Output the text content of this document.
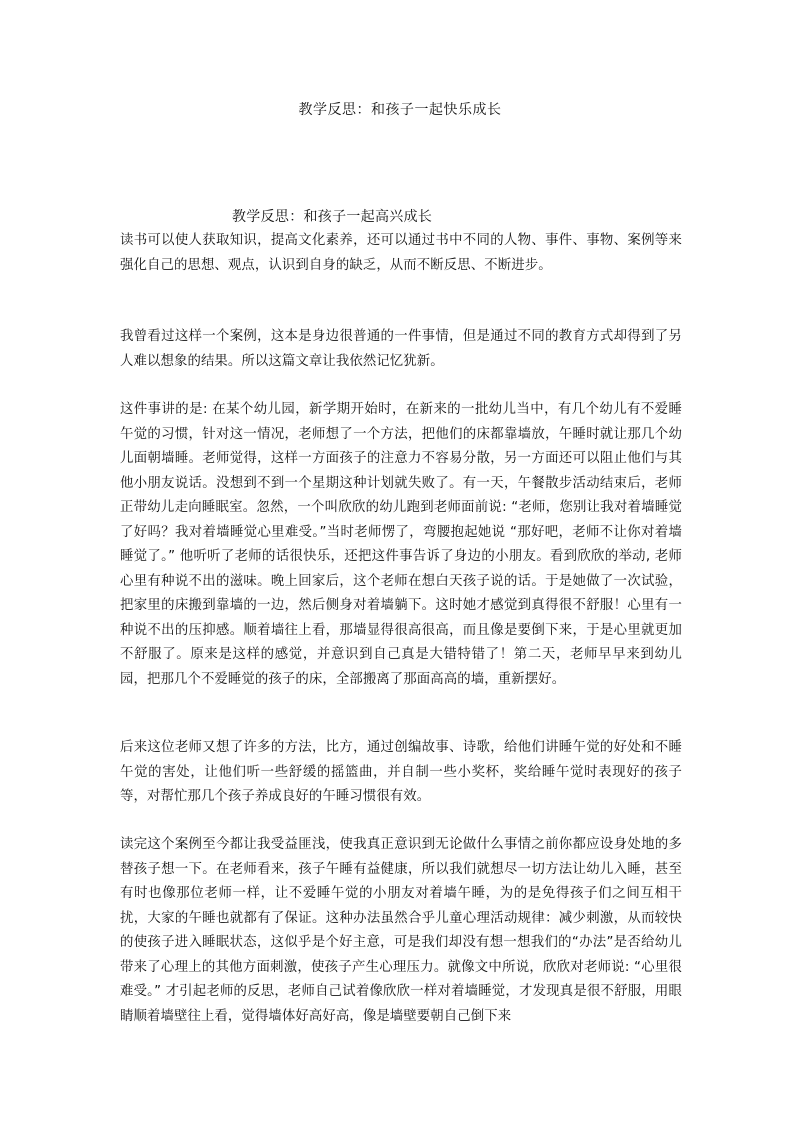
教学反思：和孩子一起快乐成长
教学反思：和孩子一起高兴成长

读书可以使人获取知识，提高文化素养，还可以通过书中不同的人物、事件、事物、案例等来强化自己的思想、观点，认识到自身的缺乏，从而不断反思、不断进步。

我曾看过这样一个案例，这本是身边很普通的一件事情，但是通过不同的教育方式却得到了另人难以想象的结果。所以这篇文章让我依然记忆犹新。

这件事讲的是: 在某个幼儿园，新学期开始时，在新来的一批幼儿当中，有几个幼儿有不爱睡午觉的习惯，针对这一情况，老师想了一个方法，把他们的床都靠墙放，午睡时就让那几个幼儿面朝墙睡。老师觉得，这样一方面孩子的注意力不容易分散，另一方面还可以阻止他们与其他小朋友说话。没想到不到一个星期这种计划就失败了。有一天，午餐散步活动结束后，老师正带幼儿走向睡眠室。忽然，一个叫欣欣的幼儿跑到老师面前说: “老师，您别让我对着墙睡觉了好吗？我对着墙睡觉心里难受。”当时老师愣了，弯腰抱起她说 “那好吧，老师不让你对着墙睡觉了。” 他听听了老师的话很快乐，还把这件事告诉了身边的小朋友。看到欣欣的举动, 老师心里有种说不出的滋味。晚上回家后，这个老师在想白天孩子说的话。于是她做了一次试验，把家里的床搬到靠墙的一边，然后侧身对着墙躺下。这时她才感觉到真得很不舒服！心里有一种说不出的压抑感。顺着墙往上看，那墙显得很高很高，而且像是要倒下来，于是心里就更加不舒服了。原来是这样的感觉，并意识到自己真是大错特错了！第二天，老师早早来到幼儿园，把那几个不爱睡觉的孩子的床，全部搬离了那面高高的墙，重新摆好。

后来这位老师又想了许多的方法，比方，通过创编故事、诗歌，给他们讲睡午觉的好处和不睡午觉的害处，让他们听一些舒缓的摇篮曲，并自制一些小奖杯，奖给睡午觉时表现好的孩子等，对帮忙那几个孩子养成良好的午睡习惯很有效。

读完这个案例至今都让我受益匪浅，使我真正意识到无论做什么事情之前你都应设身处地的多替孩子想一下。在老师看来，孩子午睡有益健康，所以我们就想尽一切方法让幼儿入睡，甚至有时也像那位老师一样，让不爱睡午觉的小朋友对着墙午睡，为的是免得孩子们之间互相干扰，大家的午睡也就都有了保证。这种办法虽然合乎儿童心理活动规律：减少刺激，从而较快的使孩子进入睡眠状态，这似乎是个好主意，可是我们却没有想一想我们的“办法”是否给幼儿带来了心理上的其他方面刺激，使孩子产生心理压力。就像文中所说，欣欣对老师说: “心里很难受。” 才引起老师的反思，老师自己试着像欣欣一样对着墙睡觉，才发现真是很不舒服，用眼睛顺着墙壁往上看，觉得墙体好高好高，像是墙壁要朝自己倒下来
